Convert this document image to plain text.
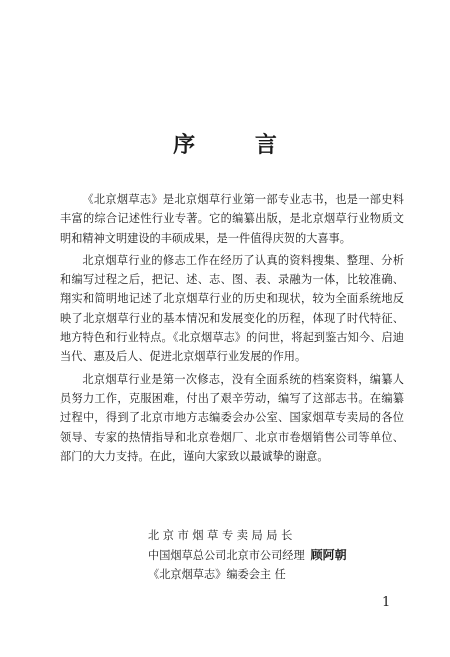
序 言

《北京烟草志》是北京烟草行业第一部专业志书，也是一部史料丰富的综合记述性行业专著。它的编纂出版，是北京烟草行业物质文明和精神文明建设的丰硕成果，是一件值得庆贺的大喜事。

北京烟草行业的修志工作在经历了认真的资料搜集、整理、分析和编写过程之后，把记、述、志、图、表、录融为一体，比较准确、翔实和简明地记述了北京烟草行业的历史和现状，较为全面系统地反映了北京烟草行业的基本情况和发展变化的历程，体现了时代特征、地方特色和行业特点。《北京烟草志》的问世，将起到鉴古知今、启迪当代、惠及后人、促进北京烟草行业发展的作用。

北京烟草行业是第一次修志，没有全面系统的档案资料，编纂人员努力工作，克服困难，付出了艰辛劳动，编写了这部志书。在编纂过程中，得到了北京市地方志编委会办公室、国家烟草专卖局的各位领导、专家的热情指导和北京卷烟厂、北京市卷烟销售公司等单位、部门的大力支持。在此，谨向大家致以最诚挚的谢意。

北京市烟草专卖局局长
中国烟草总公司北京市公司经理 顾阿朝
《北京烟草志》编委会主 任
1
